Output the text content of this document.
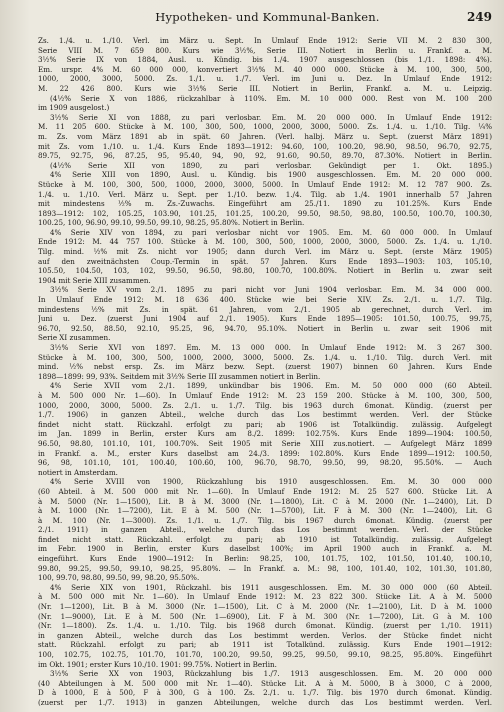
Hypotheken- und Kommunal-Banken.	249
Zs. 1./4. u. 1./10. Verl. im März u. Sept. In Umlauf Ende 1912: Serie VII M. 2 830 300,
Serie VIII M. 7 659 800. Kurs wie 3½%, Serie III. Notiert in Berlin u. Frankf. a. M.
3½% Serie IX von 1884, Ausl. u. Kündig. bis 1./4. 1907 ausgeschlossen (bis 1./1. 1898: 4%).
Em. urspr. 4% M. 60 000 000, konvertiert 3½% M. 40 000 000. Stücke à M. 100, 300, 500,
1000, 2000, 3000, 5000. Zs. 1./1. u. 1./7. Verl. im Juni u. Dez. In Umlauf Ende 1912:
M. 22 426 800. Kurs wie 3½% Serie III. Notiert in Berlin, Frankf. a. M. u. Leipzig.
(4½% Serie X von 1886, rückzahlbar à 110%. Em. M. 10 000 000. Rest von M. 100 200
im 1909 ausgelost.)
3½% Serie XI von 1888, zu pari verlosbar. Em. M. 20 000 000. In Umlauf Ende 1912:
M. 11 205 600. Stücke à M. 100, 300, 500, 1000, 2000, 3000, 5000. Zs. 1./4. u. 1./10. Tilg. ¼%
m. Zs. vom März 1891 ab in spät. 60 Jahren. (Verl. halbj. März u. Sept. (zuerst März 1891)
mit Zs. vom 1./10. u. 1./4. Kurs Ende 1893—1912: 94.60, 100, 100.20, 98.90, 98.50, 96.70, 92.75,
89.75, 92.75, 96, 87.25, 95, 95.40, 94, 90, 92, 91.60, 90.50, 89.70, 87.30%. Notiert in Berlin.
(4½% Serie XII von 1890, zu pari verlosbar. Gekündigt per 1. Okt. 1895.)
4% Serie XIII von 1890, Ausl. u. Kündig. bis 1900 ausgeschlossen. Em. M. 20 000 000.
Stücke à M. 100, 300, 500, 1000, 2000, 3000, 5000. In Umlauf Ende 1912: M. 12 787 900. Zs.
1./4. u. 1./10. Verl. März u. Sept. per 1./10. bezw. 1./4. Tilg. ab 1./4. 1901 innerhalb 57 Jahren
mit mindestens ½% m. Zs.-Zuwachs. Eingeführt am 25./11. 1890 zu 101.25%. Kurs Ende
1893—1912: 102, 105.25, 103.90, 101.25, 101.25, 100.20, 99.50, 98.50, 98.80, 100.50, 100.70, 100.30,
100.25, 100, 96.90, 99.10, 99.50, 99.10, 98.25, 95.80%. Notiert in Berlin.
4% Serie XIV von 1894, zu pari verlosbar nicht vor 1905. Em. M. 60 000 000. In Umlauf
Ende 1912: M. 44 757 100. Stücke à M. 100, 300, 500, 1000, 2000, 3000, 5000. Zs. 1./4. u. 1./10.
Tilg. mind. ½% mit Zs. nicht vor 1905; dann durch Verl. im März u. Sept. (erste März 1905)
auf den zweitnächsten Coup.-Termin in spät. 57 Jahren. Kurs Ende 1893—1903: 103, 105.10,
105.50, 104.50, 103, 102, 99.50, 96.50, 98.80, 100.70, 100.80%. Notiert in Berlin u. zwar seit
1904 mit Serie XIII zusammen.
3½% Serie XV vom 2./1. 1895 zu pari nicht vor Juni 1904 verlosbar. Em. M. 34 000 000.
In Umlauf Ende 1912: M. 18 636 400. Stücke wie bei Serie XIV. Zs. 2./1. u. 1./7. Tilg.
mindestens ½% mit Zs. in spät. 61 Jahren, vom 2./1. 1905 ab gerechnet, durch Verl. im
Juni u. Dez. (zuerst Juni 1904 auf 2./1. 1905). Kurs Ende 1895—1905: 101.50, 100.75, 99.75,
96.70, 92.50, 88.50, 92.10, 95.25, 96, 94.70, 95.10%. Notiert in Berlin u. zwar seit 1906 mit
Serie XI zusammen.
3½% Serie XVI von 1897. Em. M. 13 000 000. In Umlauf Ende 1912: M. 3 267 300.
Stücke à M. 100, 300, 500, 1000, 2000, 3000, 5000. Zs. 1./4. u. 1./10. Tilg. durch Verl. mit
mind. ½% nebst ersp. Zs. im März bezw. Sept. (zuerst 1907) binnen 60 Jahren. Kurs Ende
1898—1899: 99, 93%. Seitdem mit 3½% Serie III zusammen notiert in Berlin.
4% Serie XVII vom 2./1. 1899, unkündbar bis 1906. Em. M. 50 000 000 (60 Abteil.
à M. 500 000 Nr. 1—60). In Umlauf Ende 1912: M. 23 159 200. Stücke à M. 100, 300, 500,
1000, 2000, 3000, 5000. Zs. 2./1. u. 1./7. Tilg. bis 1963 durch 6monat. Kündig. (zuerst per
1./7. 1906) in ganzen Abteil., welche durch das Los bestimmt werden. Verl. der Stücke
findet nicht statt. Rückzahl. erfolgt zu pari; ab 1906 ist Totalkündig. zulässig. Aufgelegt
im Jan. 1899 in Berlin, erster Kurs am 8./2. 1899: 102.75%. Kurs Ende 1899—1904: 100.50,
96.50, 98.80, 101.10, 101, 100.70%. Seit 1905 mit Serie XIII zus.notiert. — Aufgelegt März 1899
in Frankf. a. M., erster Kurs daselbst am 24./3. 1899: 102.80%. Kurs Ende 1899—1912: 100.50,
96, 98, 101.10, 101, 100.40, 100.60, 100, 96.70, 98.70, 99.50, 99, 98.20, 95.50%. — Auch
notiert in Amsterdam.
4% Serie XVIII von 1900, Rückzahlung bis 1910 ausgeschlossen. Em. M. 30 000 000
(60 Abteil. à M. 500 000 mit Nr. 1—60). In Umlauf Ende 1912: M. 25 527 600. Stücke Lit. A
à M. 5000 (Nr. 1—1500), Lit. B à M. 3000 (Nr. 1—1800), Lit. C à M. 2000 (Nr. 1—2400), Lit. D
à M. 1000 (Nr. 1—7200), Lit. E à M. 500 (Nr. 1—5700), Lit. F à M. 300 (Nr. 1—2400), Lit. G
à M. 100 (Nr. 1—3000). Zs. 1./1. u. 1./7. Tilg. bis 1967 durch 6monat. Kündig. (zuerst per
2./1. 1911) in ganzen Abteil., welche durch das Los bestimmt werden. Verl. der Stücke
findet nicht statt. Rückzahl. erfolgt zu pari; ab 1910 ist Totalkündig. zulässig. Aufgelegt
im Febr. 1900 in Berlin, erster Kurs daselbst 100%; im April 1900 auch in Frankf. a. M.
eingeführt. Kurs Ende 1900—1912: In Berlin: 98.25, 100, 101.75, 102, 101.50, 101.40, 100.10,
99.80, 99.25, 99.50, 99.10, 98.25, 95.80%. — In Frankf. a. M.: 98, 100, 101.40, 102, 101.30, 101.80,
100, 99.70, 98.80, 99.50, 99, 98.20, 95.50%.
4% Serie XIX von 1901, Rückzahl. bis 1911 ausgeschlossen. Em. M. 30 000 000 (60 Abteil.
à M. 500 000 mit Nr. 1—60). In Umlauf Ende 1912: M. 23 822 300. Stücke Lit. A à M. 5000
(Nr. 1—1200), Lit. B à M. 3000 (Nr. 1—1500), Lit. C à M. 2000 (Nr. 1—2100), Lit. D à M. 1000
(Nr. 1—9000), Lit. E à M. 500 (Nr. 1—6900), Lit. F à M. 300 (Nr. 1—7200), Lit. G à M. 100
(Nr. 1—1800). Zs. 1./4. u. 1./10. Tilg. bis 1968 durch 6monat. Kündig. (zuerst per 1./10. 1911)
in ganzen Abteil., welche durch das Los bestimmt werden. Verlos. der Stücke findet nicht
statt. Rückzahl. erfolgt zu pari; ab 1911 ist Totalkünd. zulässig. Kurs Ende 1901—1912:
100, 102.75, 102.75, 101.70, 101.70, 100.20, 99.50, 99.25, 99.50, 99.10, 98.25, 95.80%. Eingeführt
im Okt. 1901; erster Kurs 10./10. 1901: 99.75%. Notiert in Berlin.
3½% Serie XX von 1903, Rückzahlung bis 1./7. 1913 ausgeschlossen. Em. M. 20 000 000
(40 Abteilungen à M. 500 000 mit Nr. 1—40). Stücke Lit. A à M. 5000, B à 3000, C à 2000,
D à 1000, E à 500, F à 300, G à 100. Zs. 2./1. u. 1./7. Tilg. bis 1970 durch 6monat. Kündig.
(zuerst per 1./7. 1913) in ganzen Abteilungen, welche durch das Los bestimmt werden. Verl.
